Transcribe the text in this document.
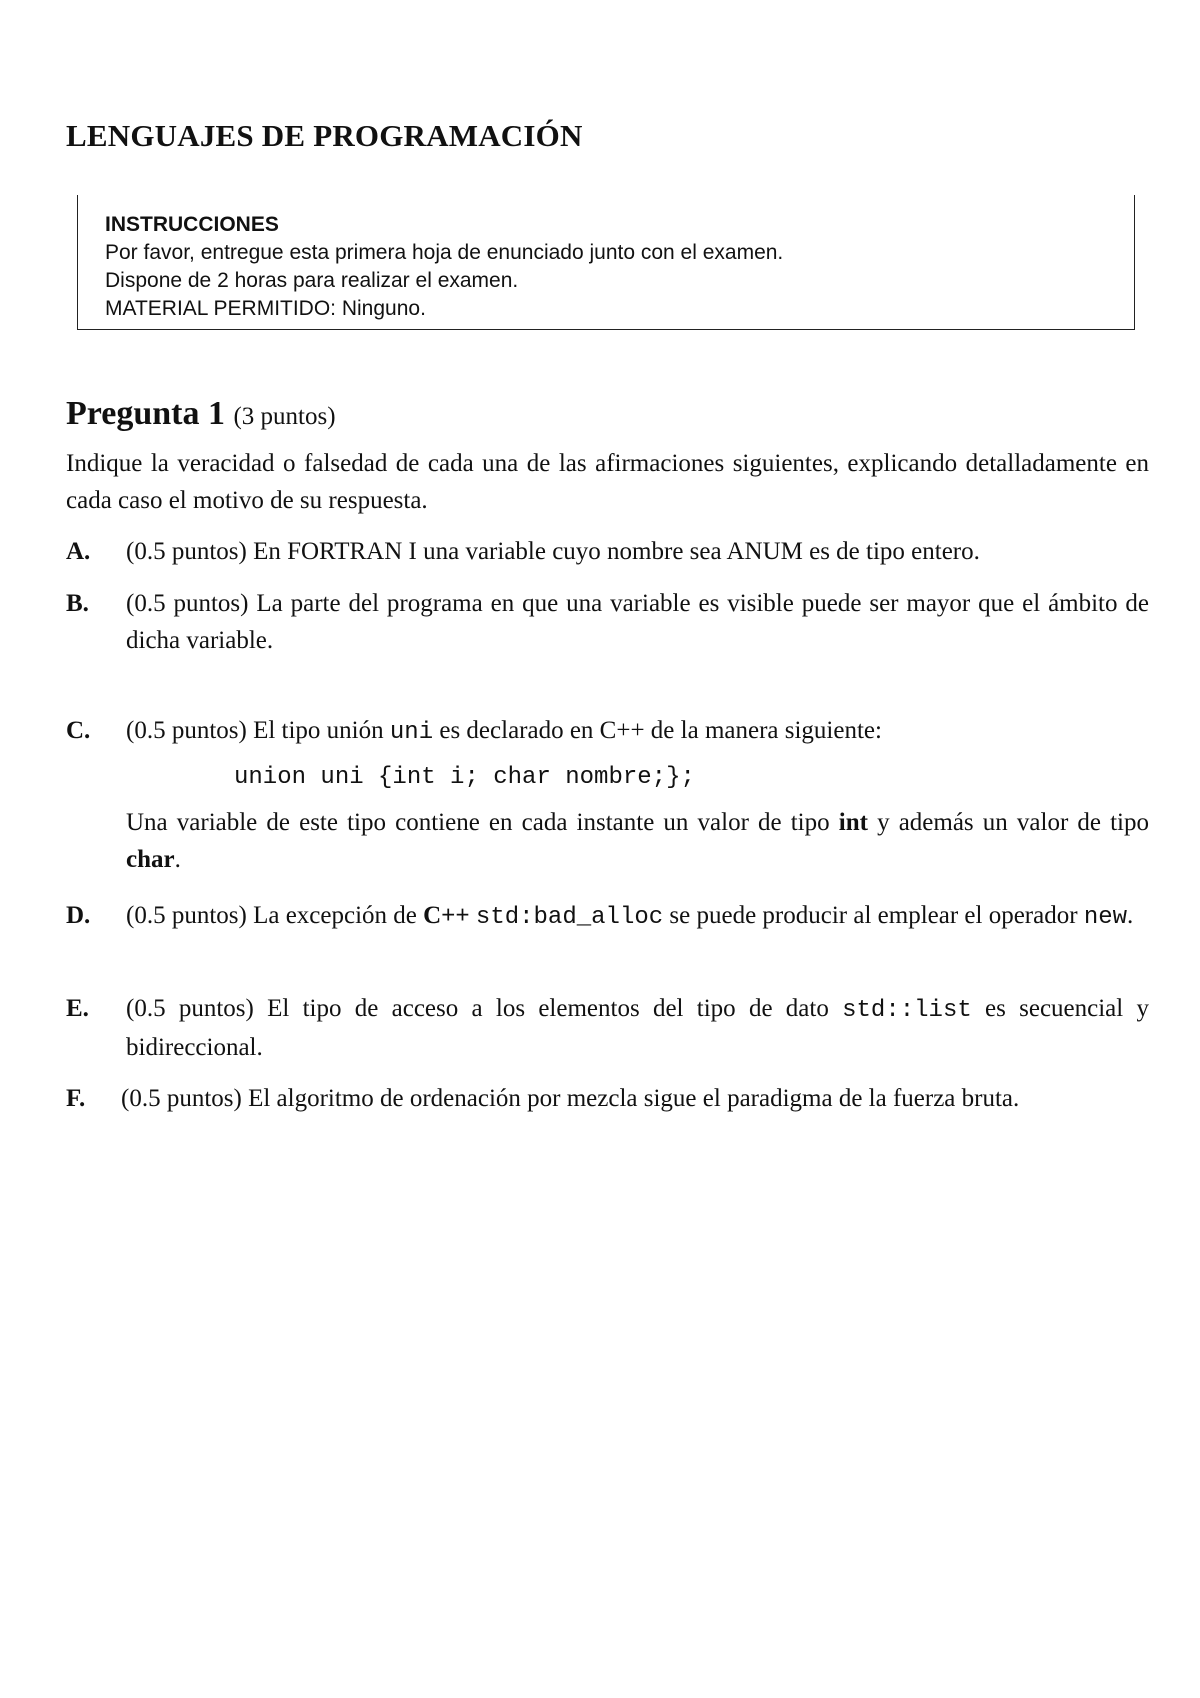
LENGUAJES DE PROGRAMACIÓN
INSTRUCCIONES
Por favor, entregue esta primera hoja de enunciado junto con el examen.
Dispone de 2 horas para realizar el examen.
MATERIAL PERMITIDO: Ninguno.
Pregunta 1 (3 puntos)
Indique la veracidad o falsedad de cada una de las afirmaciones siguientes, explicando detalladamente en cada caso el motivo de su respuesta.
A. (0.5 puntos) En FORTRAN I una variable cuyo nombre sea ANUM es de tipo entero.
B. (0.5 puntos) La parte del programa en que una variable es visible puede ser mayor que el ámbito de dicha variable.
C. (0.5 puntos) El tipo unión uni es declarado en C++ de la manera siguiente:
union uni {int i; char nombre;};
Una variable de este tipo contiene en cada instante un valor de tipo int y además un valor de tipo char.
D. (0.5 puntos) La excepción de C++ std:bad_alloc se puede producir al emplear el operador new.
E. (0.5 puntos) El tipo de acceso a los elementos del tipo de dato std::list es secuencial y bidireccional.
F. (0.5 puntos) El algoritmo de ordenación por mezcla sigue el paradigma de la fuerza bruta.
